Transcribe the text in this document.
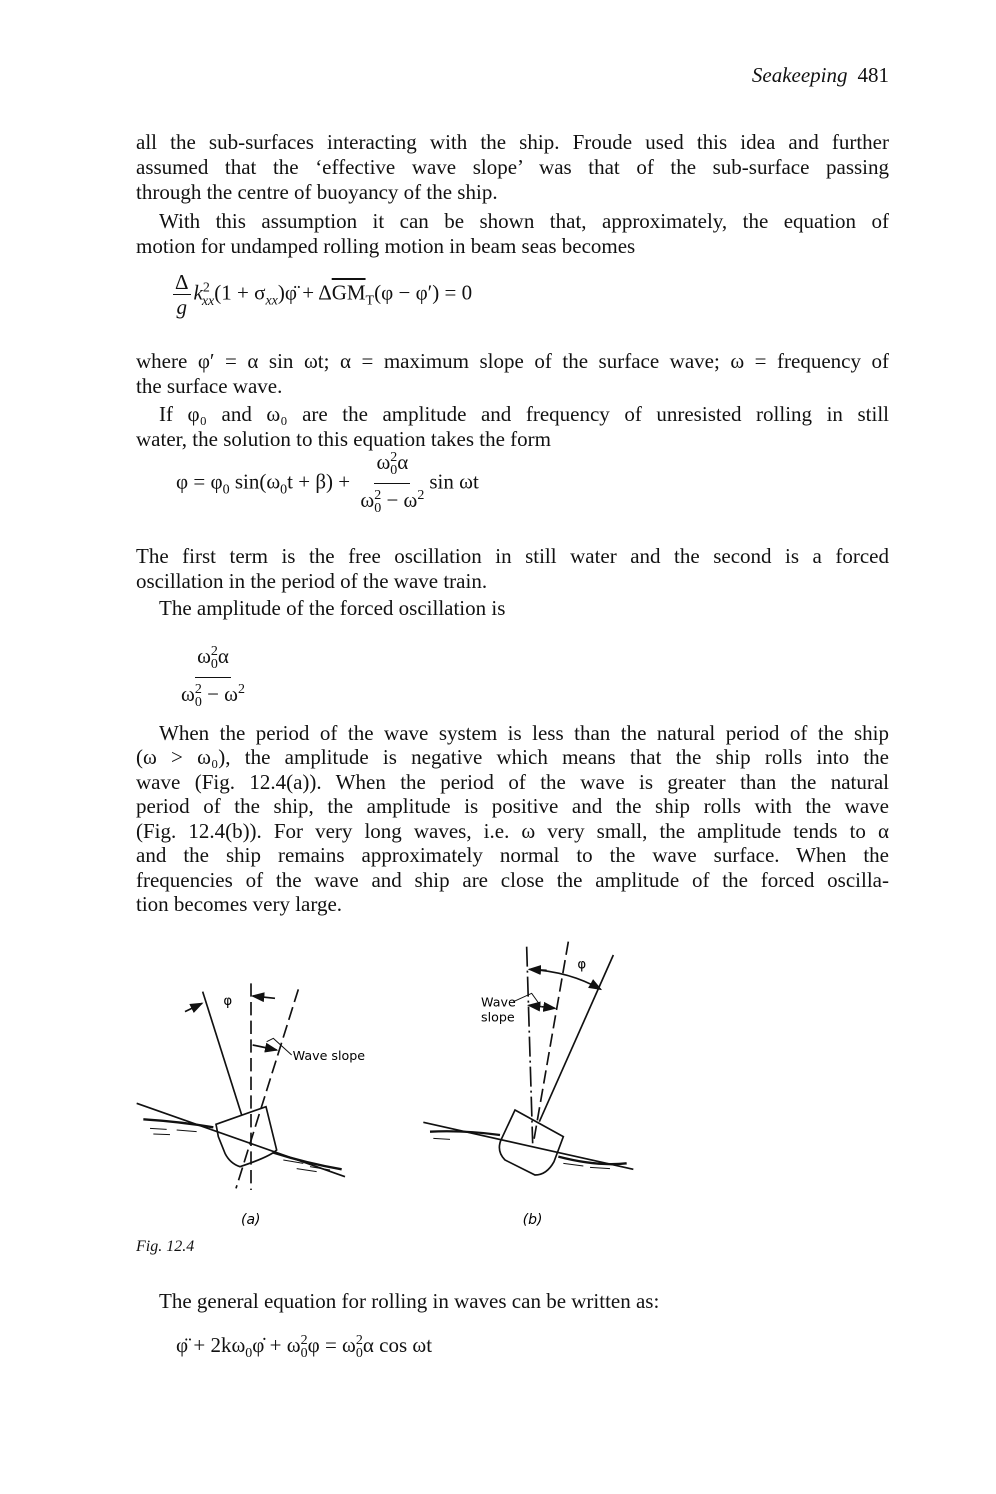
Seakeeping 481
all the sub-surfaces interacting with the ship. Froude used this idea and further
assumed that the ‘effective wave slope’ was that of the sub-surface passing
through the centre of buoyancy of the ship.
With this assumption it can be shown that, approximately, the equation of
motion for undamped rolling motion in beam seas becomes
$\frac{\Delta}{g} k^2_{xx}(1$ + $\sigma_{xx})\varphï + \Delta\overline{GM}_T(\varphi - \varphi') = 0$
where φ′ = α sin ωt; α = maximum slope of the surface wave; ω = frequency of
the surface wave.
If φ₀ and ω₀ are the amplitude and frequency of unresisted rolling in still
water, the solution to this equation takes the form
$\varphi = \varphi_0$ $\sin(\omega_0t + \beta) + \frac{\omega^2_0\alpha}{\omega^2_0 - \omega^2}$ sin ωt
The first term is the free oscillation in still water and the second is a forced
oscillation in the period of the wave train.
The amplitude of the forced oscillation is
$\frac{\omega^2_0\alpha}{\omega^2_0 - \omega^2}$
When the period of the wave system is less than the natural period of the ship
(ω > ω₀), the amplitude is negative which means that the ship rolls into the
wave (Fig. 12.4(a)). When the period of the wave is greater than the natural
period of the ship, the amplitude is positive and the ship rolls with the wave
(Fig. 12.4(b)). For very long waves, i.e. ω very small, the amplitude tends to α
and the ship remains approximately normal to the wave surface. When the
frequencies of the wave and ship are close the amplitude of the forced oscilla-
tion becomes very large.
φ
Wave slope
(a)
φ
Wave
slope
(b)
Fig. 12.4
The general equation for rolling in waves can be written as:
φ̈ + $2k\omega_0\varphi̇ + \omega^2_0\varphi = \omega^2_0\alpha$ cos ωt
